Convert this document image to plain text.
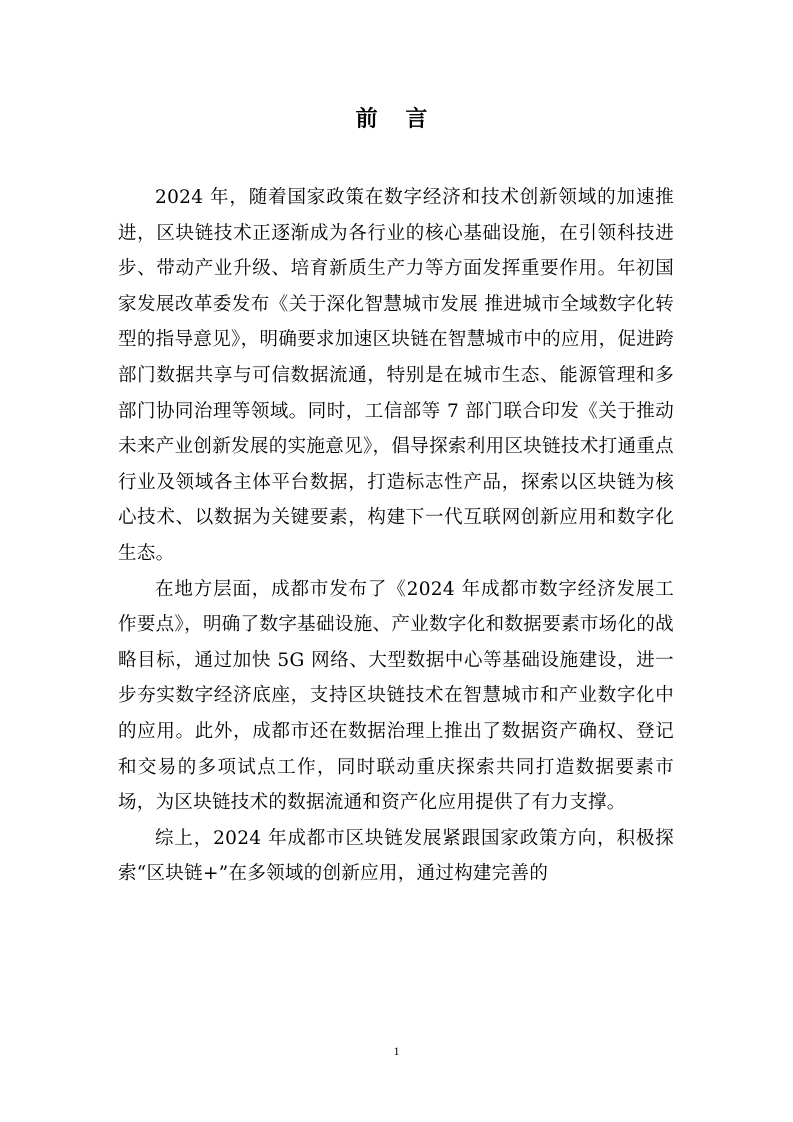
前 言

2024 年，随着国家政策在数字经济和技术创新领域的加速推进，区块链技术正逐渐成为各行业的核心基础设施，在引领科技进步、带动产业升级、培育新质生产力等方面发挥重要作用。年初国家发展改革委发布《关于深化智慧城市发展 推进城市全域数字化转型的指导意见》，明确要求加速区块链在智慧城市中的应用，促进跨部门数据共享与可信数据流通，特别是在城市生态、能源管理和多部门协同治理等领域。同时，工信部等 7 部门联合印发《关于推动未来产业创新发展的实施意见》，倡导探索利用区块链技术打通重点行业及领域各主体平台数据，打造标志性产品，探索以区块链为核心技术、以数据为关键要素，构建下一代互联网创新应用和数字化生态。

在地方层面，成都市发布了《2024 年成都市数字经济发展工作要点》，明确了数字基础设施、产业数字化和数据要素市场化的战略目标，通过加快 5G 网络、大型数据中心等基础设施建设，进一步夯实数字经济底座，支持区块链技术在智慧城市和产业数字化中的应用。此外，成都市还在数据治理上推出了数据资产确权、登记和交易的多项试点工作，同时联动重庆探索共同打造数据要素市场，为区块链技术的数据流通和资产化应用提供了有力支撑。

综上，2024 年成都市区块链发展紧跟国家政策方向，积极探索“区块链+”在多领域的创新应用，通过构建完善的

1
